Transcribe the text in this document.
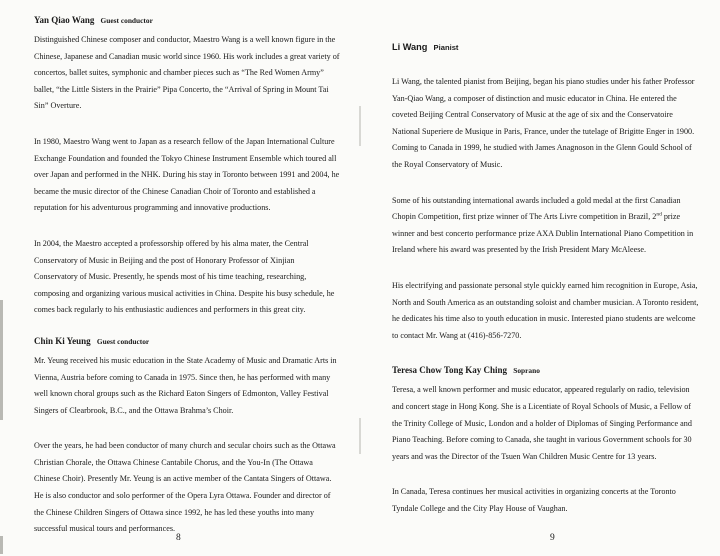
Yan Qiao Wang Guest conductor

Distinguished Chinese composer and conductor, Maestro Wang is a well known figure in the Chinese, Japanese and Canadian music world since 1960. His work includes a great variety of concertos, ballet suites, symphonic and chamber pieces such as “The Red Women Army” ballet, “the Little Sisters in the Prairie” Pipa Concerto, the “Arrival of Spring in Mount Tai Sin” Overture.

In 1980, Maestro Wang went to Japan as a research fellow of the Japan International Culture Exchange Foundation and founded the Tokyo Chinese Instrument Ensemble which toured all over Japan and performed in the NHK. During his stay in Toronto between 1991 and 2004, he became the music director of the Chinese Canadian Choir of Toronto and established a reputation for his adventurous programming and innovative productions.

In 2004, the Maestro accepted a professorship offered by his alma mater, the Central Conservatory of Music in Beijing and the post of Honorary Professor of Xinjian Conservatory of Music. Presently, he spends most of his time teaching, researching, composing and organizing various musical activities in China. Despite his busy schedule, he comes back regularly to his enthusiastic audiences and performers in this great city.

Chin Ki Yeung Guest conductor

Mr. Yeung received his music education in the State Academy of Music and Dramatic Arts in Vienna, Austria before coming to Canada in 1975. Since then, he has performed with many well known choral groups such as the Richard Eaton Singers of Edmonton, Valley Festival Singers of Clearbrook, B.C., and the Ottawa Brahma’s Choir.

Over the years, he had been conductor of many church and secular choirs such as the Ottawa Christian Chorale, the Ottawa Chinese Cantabile Chorus, and the You-In (The Ottawa Chinese Choir). Presently Mr. Yeung is an active member of the Cantata Singers of Ottawa. He is also conductor and solo performer of the Opera Lyra Ottawa. Founder and director of the Chinese Children Singers of Ottawa since 1992, he has led these youths into many successful musical tours and performances.

8
Li Wang Pianist

Li Wang, the talented pianist from Beijing, began his piano studies under his father Professor Yan-Qiao Wang, a composer of distinction and music educator in China. He entered the coveted Beijing Central Conservatory of Music at the age of six and the Conservatoire National Superiere de Musique in Paris, France, under the tutelage of Brigitte Enger in 1900. Coming to Canada in 1999, he studied with James Anagnoson in the Glenn Gould School of the Royal Conservatory of Music.

Some of his outstanding international awards included a gold medal at the first Canadian Chopin Competition, first prize winner of The Arts Livre competition in Brazil, 2nd prize winner and best concerto performance prize AXA Dublin International Piano Competition in Ireland where his award was presented by the Irish President Mary McAleese.

His electrifying and passionate personal style quickly earned him recognition in Europe, Asia, North and South America as an outstanding soloist and chamber musician. A Toronto resident, he dedicates his time also to youth education in music. Interested piano students are welcome to contact Mr. Wang at (416)-856-7270.

Teresa Chow Tong Kay Ching Soprano

Teresa, a well known performer and music educator, appeared regularly on radio, television and concert stage in Hong Kong. She is a Licentiate of Royal Schools of Music, a Fellow of the Trinity College of Music, London and a holder of Diplomas of Singing Performance and Piano Teaching. Before coming to Canada, she taught in various Government schools for 30 years and was the Director of the Tsuen Wan Children Music Centre for 13 years.

In Canada, Teresa continues her musical activities in organizing concerts at the Toronto Tyndale College and the City Play House of Vaughan.

9
